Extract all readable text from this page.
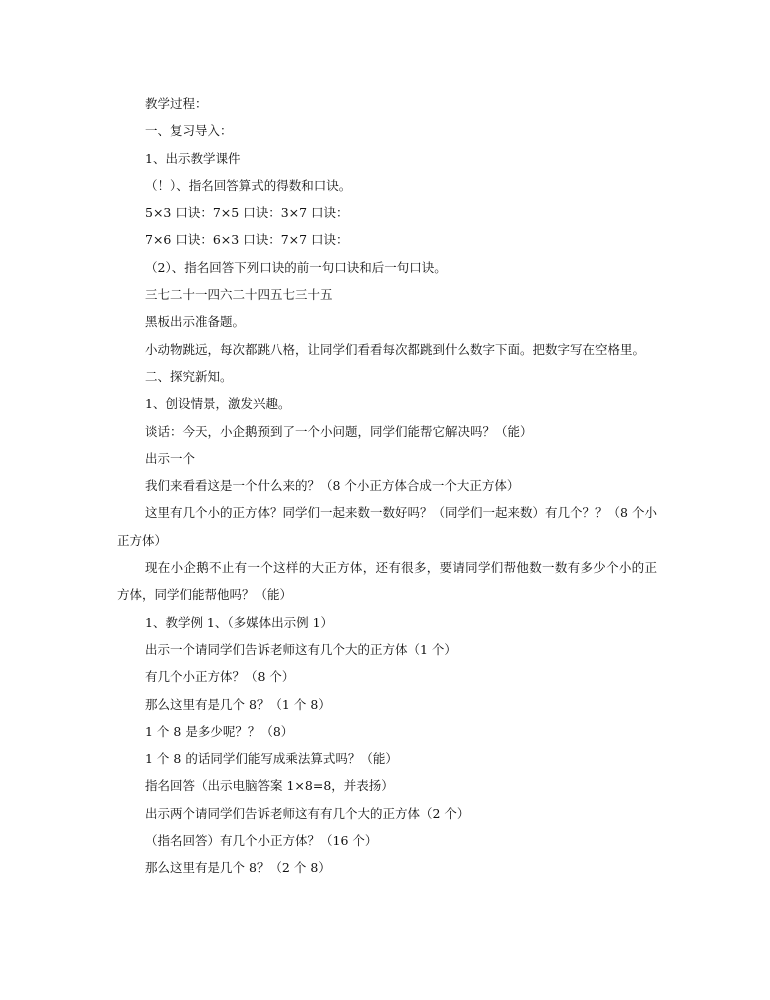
教学过程：

一、复习导入：

1、出示教学课件

（！）、指名回答算式的得数和口诀。

5×3 口诀：7×5 口诀：3×7 口诀：

7×6 口诀：6×3 口诀：7×7 口诀：

（2）、指名回答下列口诀的前一句口诀和后一句口诀。

三七二十一四六二十四五七三十五

黑板出示准备题。

小动物跳远，每次都跳八格，让同学们看看每次都跳到什么数字下面。把数字写在空格里。

二、探究新知。

1、创设情景，激发兴趣。

谈话：今天，小企鹅预到了一个小问题，同学们能帮它解决吗？（能）

出示一个

我们来看看这是一个什么来的？（8 个小正方体合成一个大正方体）

这里有几个小的正方体？同学们一起来数一数好吗？（同学们一起来数）有几个？？（8 个小正方体）

现在小企鹅不止有一个这样的大正方体，还有很多，要请同学们帮他数一数有多少个小的正方体，同学们能帮他吗？（能）

1、教学例 1、（多媒体出示例 1）

出示一个请同学们告诉老师这有几个大的正方体（1 个）

有几个小正方体？（8 个）

那么这里有是几个 8？（1 个 8）

1 个 8 是多少呢？？（8）

1 个 8 的话同学们能写成乘法算式吗？（能）

指名回答（出示电脑答案 1×8=8，并表扬）

出示两个请同学们告诉老师这有有几个大的正方体（2 个）

（指名回答）有几个小正方体？（16 个）

那么这里有是几个 8？（2 个 8）
